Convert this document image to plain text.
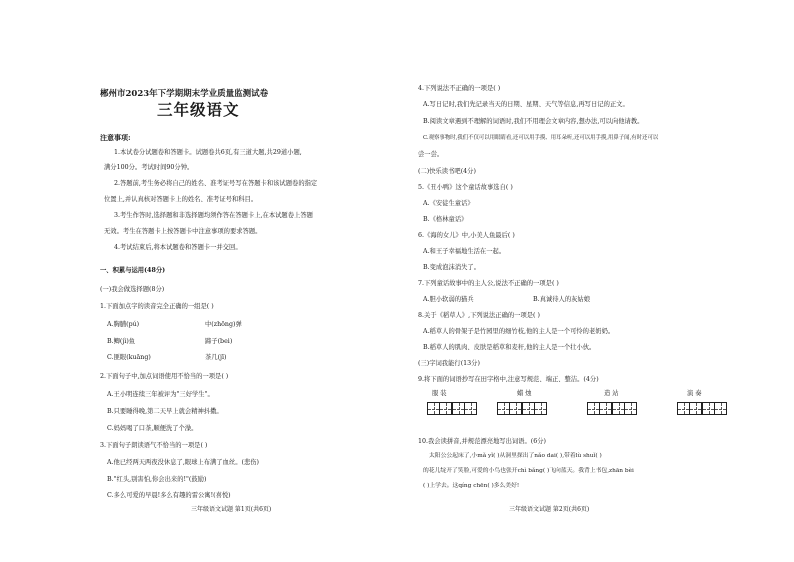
郴州市2023年下学期期末学业质量监测试卷
三年级语文
注意事项:
1.本试卷分试题卷和答题卡。试题卷共6页,有三道大题,共29道小题,
满分100分。考试时间90分钟。
2.答题前,考生务必将自己的姓名、准考证号写在答题卡和该试题卷的指定
位置上,并认真核对答题卡上的姓名、准考证号和科目。
3.考生作答时,选择题和非选择题均须作答在答题卡上,在本试题卷上答题
无效。考生在答题卡上按答题卡中注意事项的要求答题。
4.考试结束后,将本试题卷和答题卡一并交回。
一、积累与运用(48分)
(一)我会做选择题(8分)
1.下面加点字的读音完全正确的一组是( )
A.胸脯(pú)	中(zhōng)弹
B.鲫(jì)鱼	蹄子(bei)
C.匪眼(kuāng)	茶几(jī)
2.下面句子中,加点词语使用不恰当的一项是( )
A.王小明连续三年被评为"三好学生"。
B.只要睡得晚,第二天早上就会精神抖擞。
C.妈妈喝了口茶,顺便洗了个澡。
3.下面句子朗读语气不恰当的一项是( )
A.他已经两天两夜没休息了,眼球上布满了血丝。(悲伤)
B."红头,别害怕,你会出来的!"(鼓励)
C.多么可爱的早晨!多么有趣的雷公寓!(喜悦)
三年级语文试题 第1页(共6页)
4.下列说法不正确的一项是( )
A.写日记时,我们先记录当天的日期、星期、天气等信息,再写日记的正文。
B.阅读文章遇到不理解的词语时,我们不用理会文章内容,想办法,可以向他请教。
C.观察事物时,我们不仅可以用眼睛看,还可以用手摸、用耳朵听,还可以用手摸,用鼻子闻,有时还可以
尝一尝。
(二)快乐读书吧(4分)
5.《丑小鸭》这个童话故事选自( )
A.《安徒生童话》
B.《格林童话》
6.《海的女儿》中,小美人鱼最后( )
A.和王子幸福地生活在一起。
B.变成泡沫消失了。
7.下列童话故事中的主人公,说法不正确的一项是( )
A.胆小软弱的猫兵	B.真诚待人的灰姑娘
8.关于《稻草人》,下列说法正确的一项是( )
A.稻草人的骨架子是竹园里的细竹枝,他的主人是一个可怜的老奶奶。
B.稻草人的肌肉、皮肤是稻草和麦秆,他的主人是一个壮小伙。
(三)字词我能行(13分)
9.将下面的词语抄写在田字格中,注意写规范、端正、整洁。(4分)
服 装	蜡 烛	造 站	演 奏
10.我会读拼音,并规范漂亮地写出词语。(6分)
太阳公公起床了,小mǎ yǐ( )从洞里探出了nǎo dai( ),带着lù shuǐ( )
的花儿绽开了笑脸,可爱的小鸟也张开chì bǎng( )飞向蓝天。我背上书包,zhān bèi
( )上学去。这qíng chēn( )多么美好!
三年级语文试题 第2页(共6页)
